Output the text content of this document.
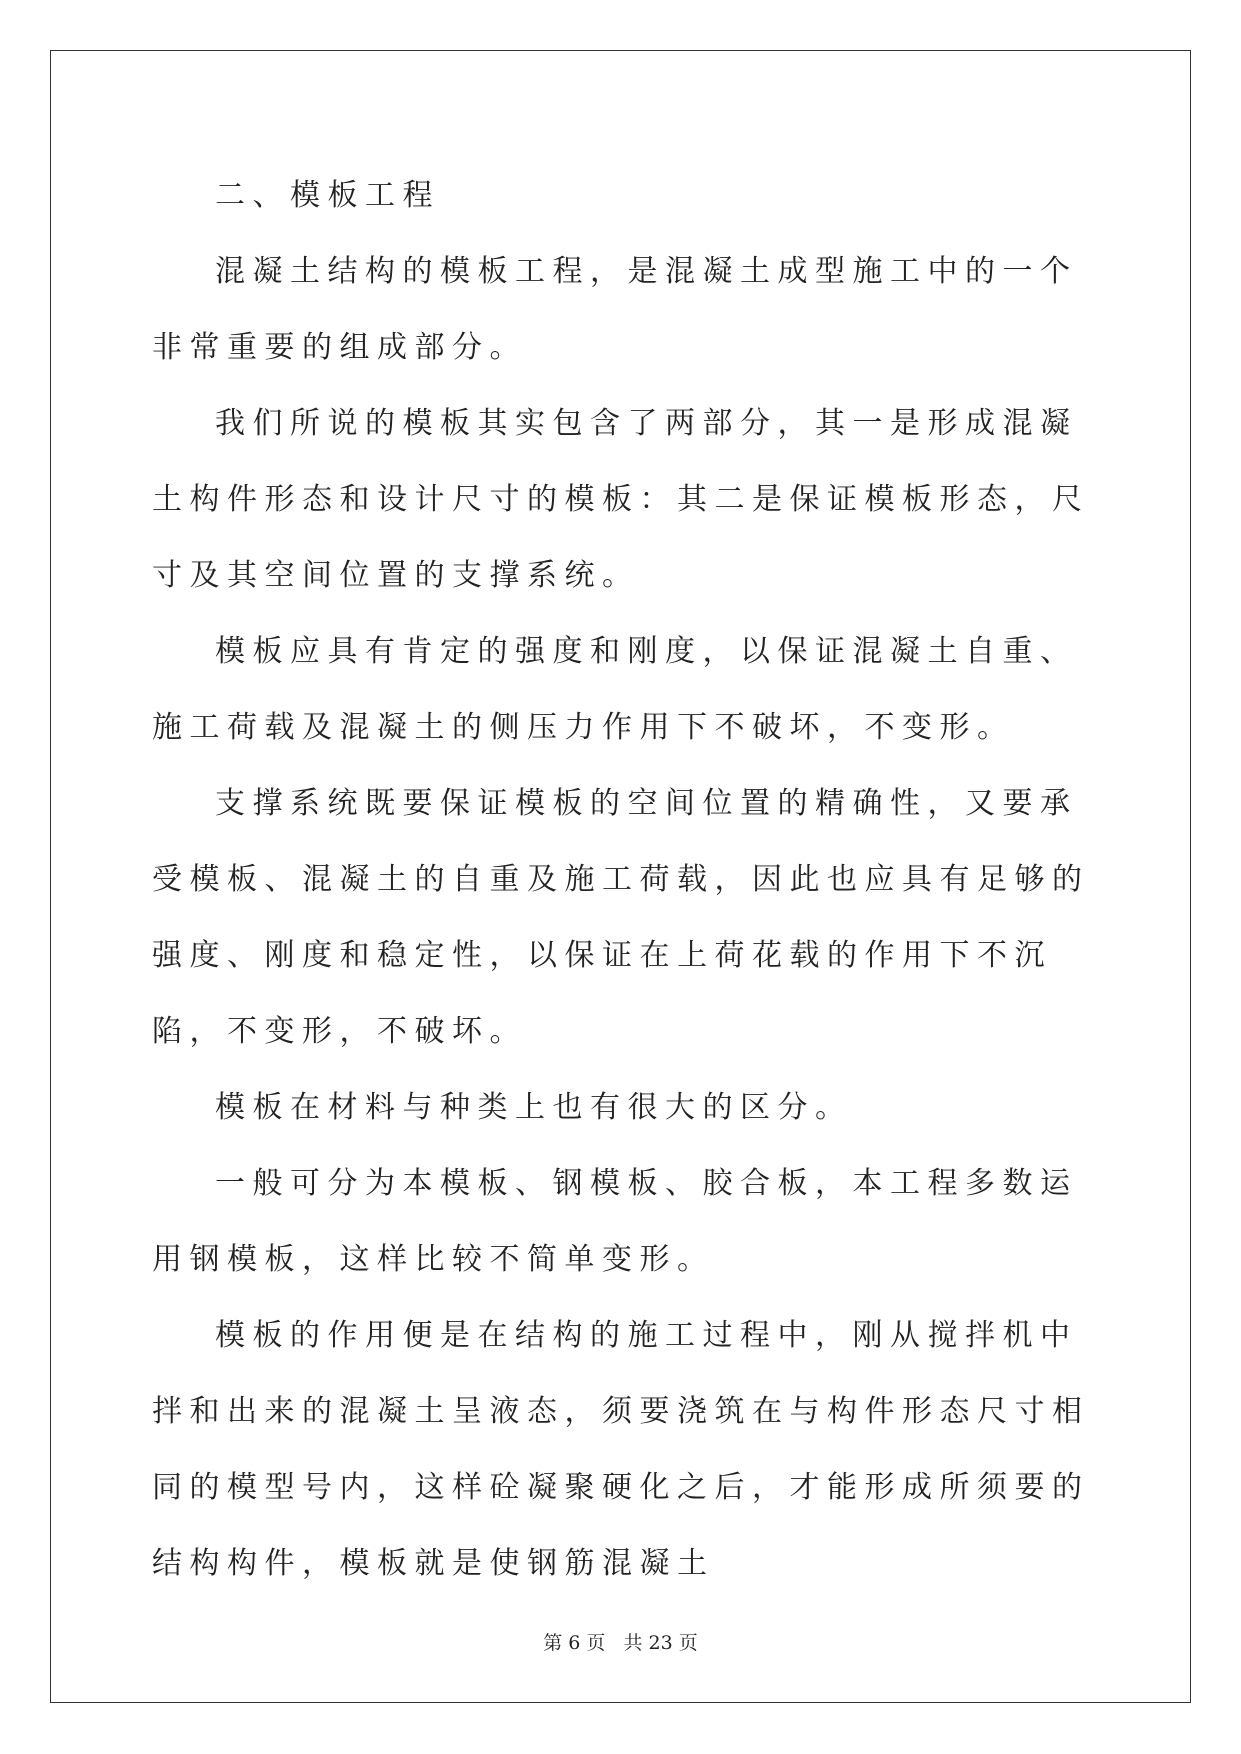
二、模板工程

混凝土结构的模板工程，是混凝土成型施工中的一个非常重要的组成部分。

我们所说的模板其实包含了两部分，其一是形成混凝土构件形态和设计尺寸的模板：其二是保证模板形态，尺寸及其空间位置的支撑系统。

模板应具有肯定的强度和刚度，以保证混凝土自重、施工荷载及混凝土的侧压力作用下不破坏，不变形。

支撑系统既要保证模板的空间位置的精确性，又要承受模板、混凝土的自重及施工荷载，因此也应具有足够的强度、刚度和稳定性，以保证在上荷花载的作用下不沉陷，不变形，不破坏。

模板在材料与种类上也有很大的区分。

一般可分为本模板、钢模板、胶合板，本工程多数运用钢模板，这样比较不简单变形。

模板的作用便是在结构的施工过程中，刚从搅拌机中拌和出来的混凝土呈液态，须要浇筑在与构件形态尺寸相同的模型号内，这样砼凝聚硬化之后，才能形成所须要的结构构件，模板就是使钢筋混凝土

第 6 页 共 23 页
